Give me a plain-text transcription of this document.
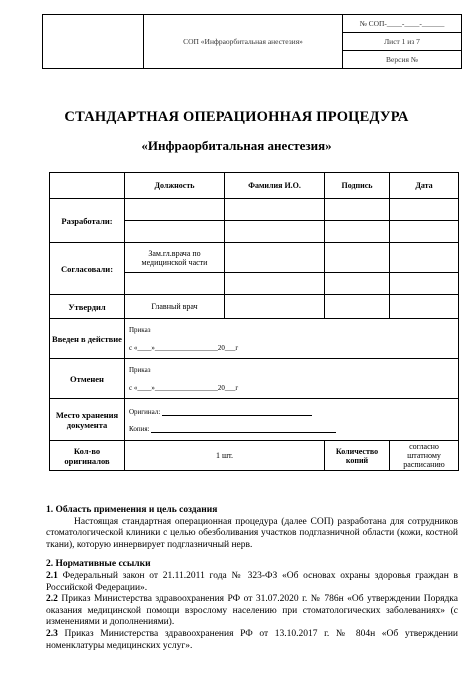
	СОП «Инфраорбитальная анестезия»	№ СОП-____-____-______
Лист 1 из 7
Версия №
СТАНДАРТНАЯ ОПЕРАЦИОННАЯ ПРОЦЕДУРА
«Инфраорбитальная анестезия»
	Должность	Фамилия И.О.	Подпись	Дата
Разработали:				

Согласовали:	Зам.гл.врача по медицинской части			

Утвердил	Главный врач			
Введен в действие	Приказ
с «____»__________________20___г			

Отменен	Приказ
с «____»__________________20___г			

Место хранения документа	Оригинал:
Копия:			

Кол-во оригиналов	1 шт.		Количество копий	согласно штатному расписанию

1. Область применения и цель создания

Настоящая стандартная операционная процедура (далее СОП) разработана для сотрудников стоматологической клиники с целью обезболивания участков подглазничной области (кожи, костной ткани), которую иннервирует подглазничный нерв.

2. Нормативные ссылки

2.1 Федеральный закон от 21.11.2011 года № 323-ФЗ «Об основах охраны здоровья граждан в Российской Федерации».

2.2 Приказ Министерства здравоохранения РФ от 31.07.2020 г. № 786н «Об утверждении Порядка оказания медицинской помощи взрослому населению при стоматологических заболеваниях» (с изменениями и дополнениями).

2.3 Приказ Министерства здравоохранения РФ от 13.10.2017 г. № 804н «Об утверждении номенклатуры медицинских услуг».
